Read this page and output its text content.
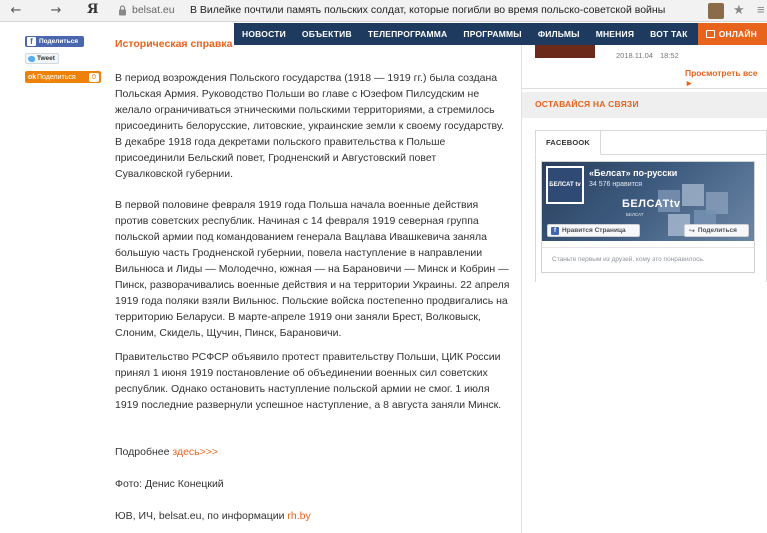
← → Я	belsat.eu В Вилейке почтили память польских солдат, которые погибли во время польско-советской войны	★ ≡
НОВОСТИ	ОБЪЕКТИВ	ТЕЛЕПРОГРАММА	ПРОГРАММЫ	ФИЛЬМЫ	МНЕНИЯ	ВОТ ТАК	ОНЛАЙН
f Поделиться
Tweet
ok Поделиться	0
Историческая справка

В период возрождения Польского государства (1918 — 1919 гг.) была создана Польская Армия. Руководство Польши во главе с Юзефом Пилсудским не желало ограничиваться этническими польскими территориями, а стремилось присоединить белорусские, литовские, украинские земли к своему государству. В декабре 1918 года декретами польского правительства к Польше присоединили Бельский повет, Гродненский и Августовский повет Сувалковской губернии.

В первой половине февраля 1919 года Польша начала военные действия против советских республик. Начиная с 14 февраля 1919 северная группа польской армии под командованием генерала Вацлава Ивашкевича заняла большую часть Гродненской губернии, повела наступление в направлении Вильнюса и Лиды — Молодечно, южная — на Барановичи — Минск и Кобрин — Пинск, разворачивались военные действия и на территории Украины. 22 апреля 1919 года поляки взяли Вильнюс. Польские войска постепенно продвигались на территорию Беларуси. В марте-апреле 1919 они заняли Брест, Волковыск, Слоним, Скидель, Щучин, Пинск, Барановичи.

Правительство РСФСР объявило протест правительству Польши, ЦИК России принял 1 июня 1919 постановление об объединении военных сил советских республик. Однако остановить наступление польской армии не смог. 1 июля 1919 последние развернули успешное наступление, а 8 августа заняли Минск.

Подробнее здесь>>>

Фото: Денис Конецкий

ЮВ, ИЧ, belsat.eu, по информации rh.by

2018.11.04 18:52
Просмотреть все ►
ОСТАВАЙСЯ НА СВЯЗИ
FACEBOOK
БЕЛСАТ tv
«Белсат» по-русски
34 576 нравится
БЕЛСАТtv
БЕЛСАТ
f Нравится Страница	↪ Поделиться
Станьте первым из друзей, кому это понравилось.
